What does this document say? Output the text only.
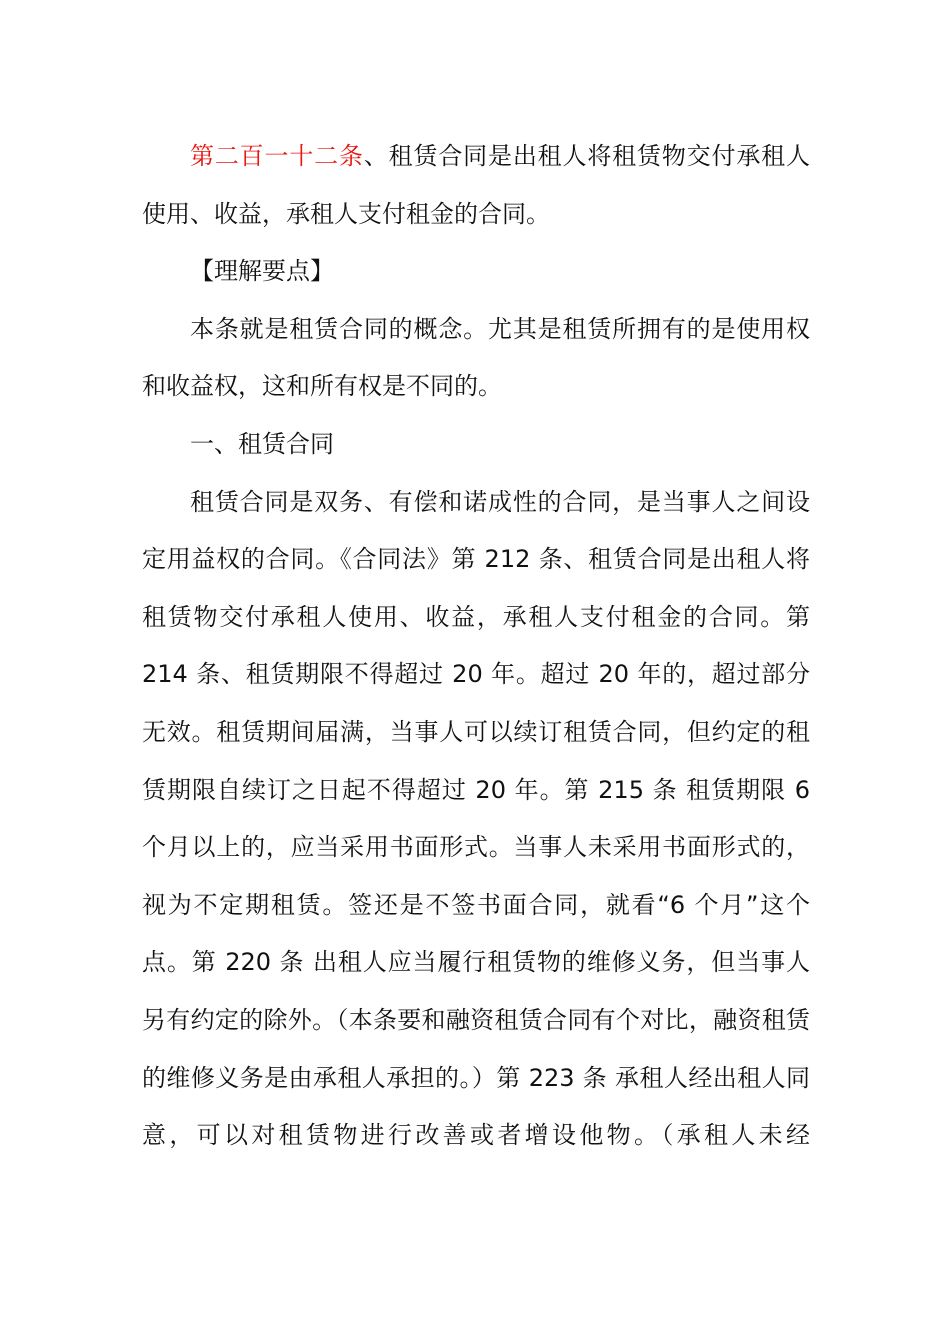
第二百一十二条、租赁合同是出租人将租赁物交付承租人使用、收益，承租人支付租金的合同。

【理解要点】

本条就是租赁合同的概念。尤其是租赁所拥有的是使用权和收益权，这和所有权是不同的。

一、租赁合同

租赁合同是双务、有偿和诺成性的合同，是当事人之间设定用益权的合同。《合同法》第 212 条、租赁合同是出租人将租赁物交付承租人使用、收益，承租人支付租金的合同。第 214 条、租赁期限不得超过 20 年。超过 20 年的，超过部分无效。租赁期间届满，当事人可以续订租赁合同，但约定的租赁期限自续订之日起不得超过 20 年。第 215 条 租赁期限 6 个月以上的，应当采用书面形式。当事人未采用书面形式的，视为不定期租赁。签还是不签书面合同，就看“6 个月”这个点。第 220 条 出租人应当履行租赁物的维修义务，但当事人另有约定的除外。（本条要和融资租赁合同有个对比，融资租赁的维修义务是由承租人承担的。）第 223 条 承租人经出租人同意，可以对租赁物进行改善或者增设他物。（承租人未经
